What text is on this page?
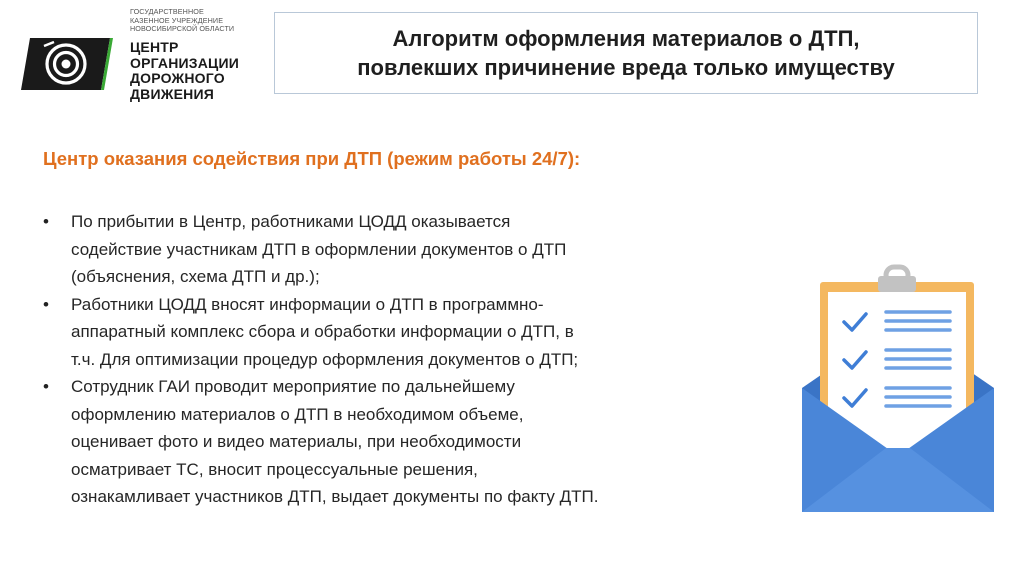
ГОСУДАРСТВЕННОЕ
КАЗЕННОЕ УЧРЕЖДЕНИЕ
НОВОСИБИРСКОЙ ОБЛАСТИ
ЦЕНТР
ОРГАНИЗАЦИИ
ДОРОЖНОГО
ДВИЖЕНИЯ
Алгоритм оформления материалов о ДТП,
повлекших причинение вреда только имуществу
Центр оказания содействия при ДТП (режим работы 24/7):
• По прибытии в Центр, работниками ЦОДД оказывается
содействие участникам ДТП в оформлении документов о ДТП
(объяснения, схема ДТП и др.);
• Работники ЦОДД вносят информации о ДТП в программно-
аппаратный комплекс сбора и обработки информации о ДТП, в
т.ч. Для оптимизации процедур оформления документов о ДТП;
• Сотрудник ГАИ проводит мероприятие по дальнейшему
оформлению материалов о ДТП в необходимом объеме,
оценивает фото и видео материалы, при необходимости
осматривает ТС, вносит процессуальные решения,
ознакамливает участников ДТП, выдает документы по факту ДТП.
